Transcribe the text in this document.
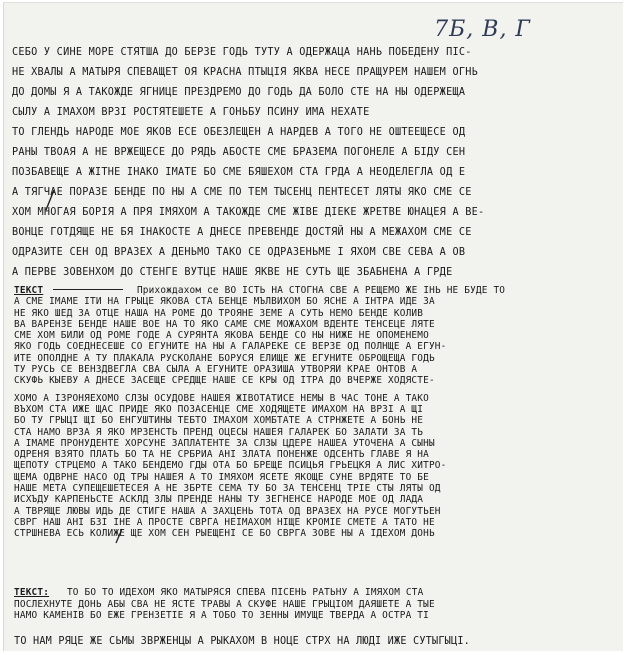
7Б, В, Г
СЕБО У СИНЕ МОРЕ СТЯТША ДО БЕРЗЕ ГОДЬ ТУТУ А ОДЕРЖАЦА НАНЬ ПОБЕДЕНУ ПІС-
НЕ ХВАЛЫ А МАТЫРЯ СПЕВАЩЕТ ОЯ КРАСНА ПТЫЦІЯ ЯКВА НЕСЕ ПРАЩУРЕМ НАШЕМ ОГНЬ
ДО ДОМЫ Я А ТАКОЖДЕ ЯГНИЦЕ ПРЕЗДРЕМО ДО ГОДЬ ДА БОЛО СТЕ НА НЫ ОДЕРЖЕЩА
СЫЛУ А ІМАХОМ ВРЗІ РОСТЯТЕШЕТЕ А ГОНЬБУ ПСИНУ ИМА НЕХАТЕ
ТО ГЛЕНДЬ НАРОДЕ МОЕ ЯКОВ ЕСЕ ОБЕЗЛЕЩЕН А НАРДЕВ А ТОГО НЕ ОШТЕЕЩЕСЕ ОД
РАНЫ ТВОАЯ А НЕ ВРЖЕЩЕСЕ ДО РЯДЬ АБОСТЕ СМЕ БРАЗЕМА ПОГОНЕЛЕ А БІДУ СЕН
ПОЗБАВЕЩЕ А ЖІТНЕ ІНАКО ІМАТЕ БО СМЕ БЯШЕХОМ СТА ГРДА А НЕОДЕЛЕГЛА ОД Е
А ТЯГЧАЕ ПОРАЗЕ БЕНДЕ ПО НЫ А СМЕ ПО ТЕМ ТЫСЕНЦ ПЕНТЕСЕТ ЛЯТЫ ЯКО СМЕ СЕ
ХОМ МНОГАЯ БОРІЯ А ПРЯ ІМЯХОМ А ТАКОЖДЕ СМЕ ЖІВЕ ДІЕКЕ ЖРЕТВЕ ЮНАЦЕЯ А ВЕ-
ВОНЦЕ ГОТДЯЩЕ НЕ БЯ ІНАКОСТЕ А ДНЕСЕ ПРЕВЕНДЕ ДОСТЯЙ НЫ А МЕЖАХОМ СМЕ СЕ
ОДРАЗИТЕ СЕН ОД ВРАЗЕХ А ДЕНЬМО ТАКО СЕ ОДРАЗЕНЬМЕ І ЯХОМ СВЕ СЕВА А ОВ
А ПЕРВЕ ЗОВЕНХОМ ДО СТЕНГЕ ВУТЦЕ НАШЕ ЯКВЕ НЕ СУТЬ ЩЕ ЗБАБНЕНА А ГРДЕ
ТЕКСТ	Прихождахом се ВО ІСТЬ НА СТОГНА СВЕ А РЕЩЕМО ЖЕ ІНЬ НЕ БУДЕ ТО
А СМЕ ІМАМЕ ІТИ НА ГРЫЦЕ ЯКОВА СТА БЕНЦЕ МЪЛВИХОМ БО ЯСНЕ А ІНТРА ИДЕ ЗА
НЕ ЯКО ШЕД ЗА ОТЦЕ НАША НА РОМЕ ДО ТРОЯНЕ ЗЕМЕ А СУТЬ НЕМО БЕНДЕ КОЛИВ
ВА ВАРЕНЗЕ БЕНДЕ НАШЕ ВОЕ НА ТО ЯКО САМЕ СМЕ МОЖАХОМ ВДЕНТЕ ТЕНСЕЦЕ ЛЯТЕ
СМЕ ХОМ БИЛИ ОД РОМЕ ГОДЕ А СУРЯНТА ЯКОВА БЕНДЕ СО НЫ НИЖЕ НЕ ОПОМЕНЕМО
ЯКО ГОДЬ СОЕДНЕСЕШЕ СО ЕГУНИТЕ НА НЫ А ГАЛАРЕКЕ СЕ ВЕРЗЕ ОД ПОЛНЩЕ А ЕГУН-
ИТЕ ОПОЛДНЕ А ТУ ПЛАКАЛА РУСКОЛАНЕ БОРУСЯ ЕЛИЩЕ ЖЕ ЕГУНИТЕ ОБРОЩЕЩА ГОДЬ
ТУ РУСЬ СЕ ВЕНЗДВЕГЛА СВА СЫЛА А ЕГУНИТЕ ОРАЗИША УТВОРЯЙ КРАЕ ОНТОВ А
СКУФЬ КЫЕВУ А ДНЕСЕ ЗАСЕЩЕ СРЕДЩЕ НАШЕ СЕ КРЫ ОД ІТРА ДО ВЧЕРЖЕ ХОДЯСТЕ-
ХОМО А ІЗРОНЯЕХОМО СЛЗЫ ОСУДОВЕ НАШЕЯ ЖІВОТАТИСЕ НЕМЫ В ЧАС ТОНЕ А ТАКО
ВЪХОМ СТА ИЖЕ ЩАС ПРИДЕ ЯКО ПОЗАСЕНЦЕ СМЕ ХОДЯЩЕТЕ ИМАХОМ НА ВРЗІ А ЩІ
БО ТУ ГРЫЦІ ЩІ БО ЕНГУШТИНЫ ТЕБТО ІМАХОМ ХОМБТАТЕ А СТРНЖЕТЕ А БОНЬ НЕ
СТА НАМО ВРЗА Я ЯКО МРЗЕНСТЬ ПРЕНД ОЦЕСЫ НАШЕЯ ГАЛАРЕК БО ЗАЛАТИ ЗА ТЬ
А ІМАМЕ ПРОНУДЕНТЕ ХОРСУНЕ ЗАПЛАТЕНТЕ ЗА СЛЗЫ ЦДЕРЕ НАШЕА УТОЧЕНА А СЫНЫ
ОДРЕНЯ ВЗЯТО ПЛАТЬ БО ТА НЕ СРБРИА АНІ ЗЛАТА ПОНЕНЖЕ ОДСЕНТЬ ГЛАВЕ Я НА
ЩЕПОТУ СТРЦЕМО А ТАКО БЕНДЕМО ГДЫ ОТА БО БРЕЩЕ ПСИЦЬЯ ГРЬЕЦКЯ А ЛИС ХИТРО-
ЩЕМА ОДВРНЕ НАСО ОД ТРЫ НАШЕЯ А ТО ІМЯХОМ ЯСЕТЕ ЯКОЩЕ СУНЕ ВРДЯТЕ ТО БЕ
НАШЕ МЕТА СУПЕЩЕШЕТЕСЕЯ А НЕ ЗБРТЕ СЕМА ТУ БО ЗА ТЕНСЕНЦ ТРІЕ СТЫ ЛЯТЫ ОД
ИСХЪДУ КАРПЕНЬСТЕ АСКЛД ЗЛЫ ПРЕНДЕ НАНЫ ТУ ЗЕГНЕНСЕ НАРОДЕ МОЕ ОД ЛАДА
А ТВРЯЩЕ ЛЮВЫ ИДЬ ДЕ СТИГЕ НАША А ЗАХЦЕНЬ ТОТА ОД ВРАЗЕХ НА РУСЕ МОГУТЬЕН
СВРГ НАШ АНІ БЗІ ІНЕ А ПРОСТЕ СВРГА НЕІМАХОМ НІЩЕ КРОМІЕ СМЕТЕ А ТАТО НЕ
СТРШНЕВА ЕСЬ КОЛИЖЕ ЩЕ ХОМ СЕН РЫЕЩЕНІ СЕ БО СВРГА ЗОВЕ НЫ А ІДЕХОМ ДОНЬ
ТЕКСТ: ТО БО ТО ИДЕХОМ ЯКО МАТЫРЯСЯ СПЕВА ПІСЕНЬ РАТЬНУ А ІМЯХОМ СТА
ПОСЛЕХНУТЕ ДОНЬ АБЫ СВА НЕ ЯСТЕ ТРАВЫ А СКУФЕ НАШЕ ГРЫЦІОМ ДАЯШЕТЕ А ТЫЕ
НАМО КАМЕНІВ БО ЕЖЕ ГРЕНЗЕТІЕ Я А ТОБО ТО ЗЕННЫ ИМУЩЕ ТВЕРДА А ОСТРА ТІ
ТО НАМ РЯЦЕ ЖЕ СЬМЫ ЗВРЖЕНЦЫ А РЫКАХОМ В НОЦЕ СТРХ НА ЛЮДІ ИЖЕ СУТЫГЫЦІ.
